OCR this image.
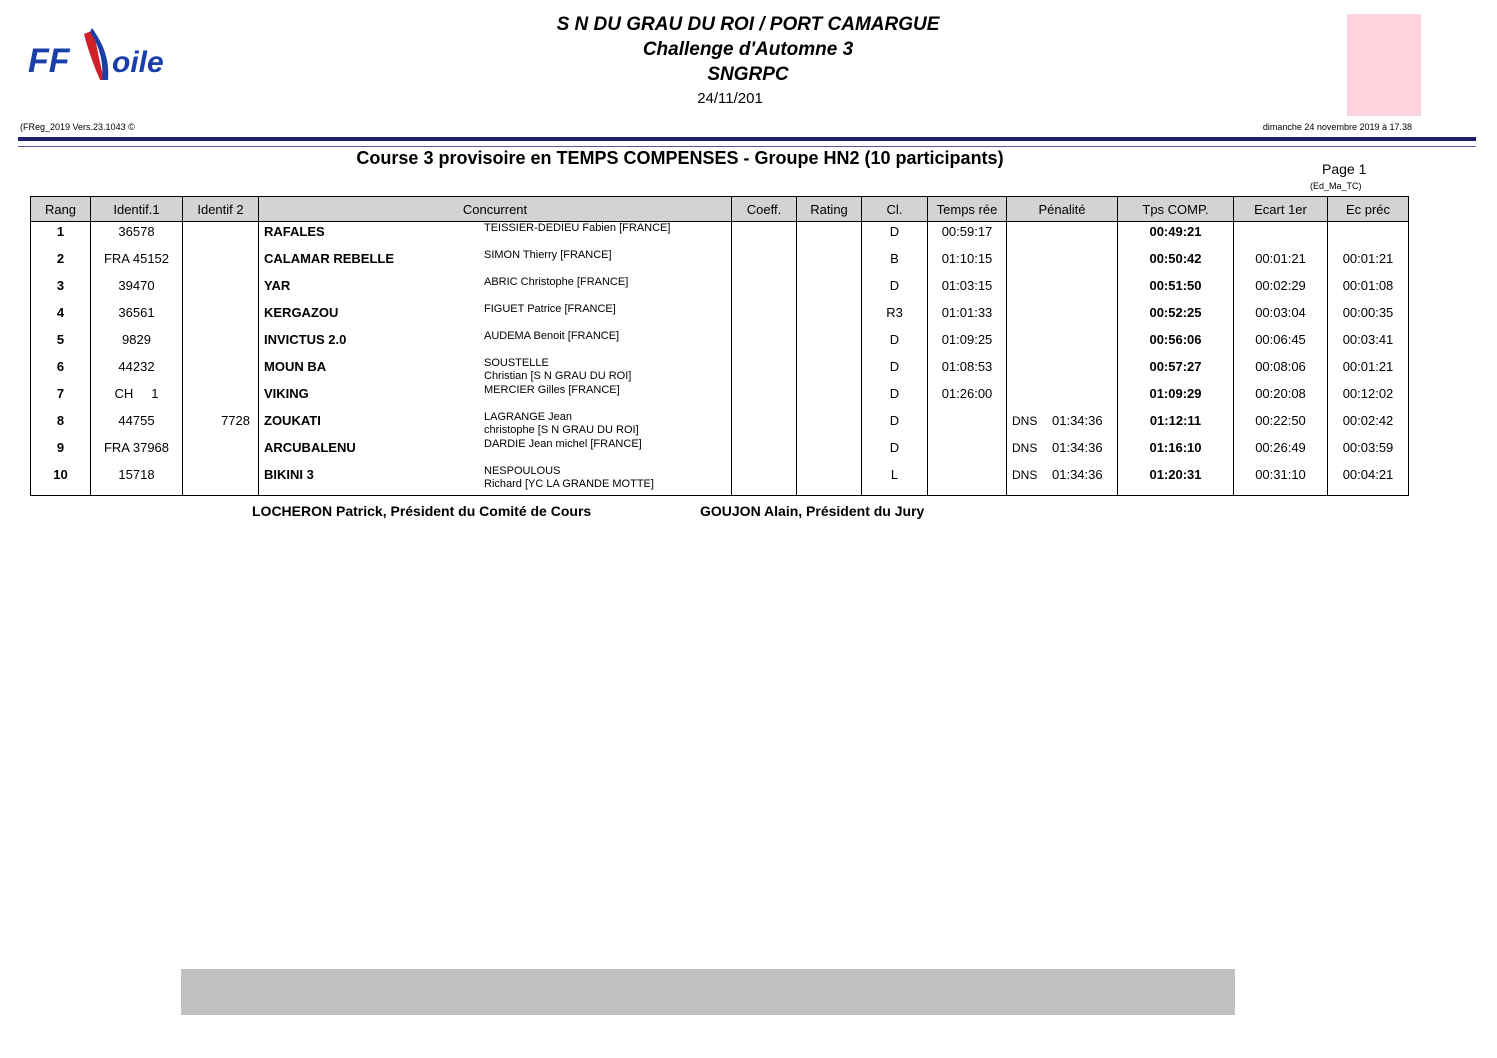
FF oile
S N DU GRAU DU ROI / PORT CAMARGUE
Challenge d'Automne 3
SNGRPC
24/11/201
(FReg_2019 Vers.23.1043 ©	dimanche 24 novembre 2019 à 17.38
Course 3 provisoire en TEMPS COMPENSES - Groupe HN2 (10 participants)
Page 1
(Ed_Ma_TC)
Rang	Identif.1	Identif 2	Concurrent	Coeff.	Rating	Cl.	Temps rée	Pénalité	Tps COMP.	Ecart 1er	Ec préc
1	36578		RAFALES TEISSIER-DEDIEU Fabien [FRANCE]			D	00:59:17		00:49:21		
2	FRA 45152		CALAMAR REBELLE SIMON Thierry [FRANCE]			B	01:10:15		00:50:42	00:01:21	00:01:21
3	39470		YAR ABRIC Christophe [FRANCE]			D	01:03:15		00:51:50	00:02:29	00:01:08
4	36561		KERGAZOU FIGUET Patrice [FRANCE]			R3	01:01:33		00:52:25	00:03:04	00:00:35
5	9829		INVICTUS 2.0 AUDEMA Benoit [FRANCE]			D	01:09:25		00:56:06	00:06:45	00:03:41
6	44232		MOUN BA SOUSTELLE
Christian [S N GRAU DU ROI]			D	01:08:53		00:57:27	00:08:06	00:01:21
7	CH     1		VIKING MERCIER Gilles [FRANCE]			D	01:26:00		01:09:29	00:20:08	00:12:02
8	44755	7728	ZOUKATI LAGRANGE Jean
christophe [S N GRAU DU ROI]			D		DNS 01:34:36	01:12:11	00:22:50	00:02:42
9	FRA 37968		ARCUBALENU DARDIE Jean michel [FRANCE]			D		DNS 01:34:36	01:16:10	00:26:49	00:03:59
10	15718		BIKINI 3 NESPOULOUS
Richard [YC LA GRANDE MOTTE]			L		DNS 01:34:36	01:20:31	00:31:10	00:04:21
LOCHERON Patrick, Président du Comité de Cours	GOUJON Alain, Président du Jury
